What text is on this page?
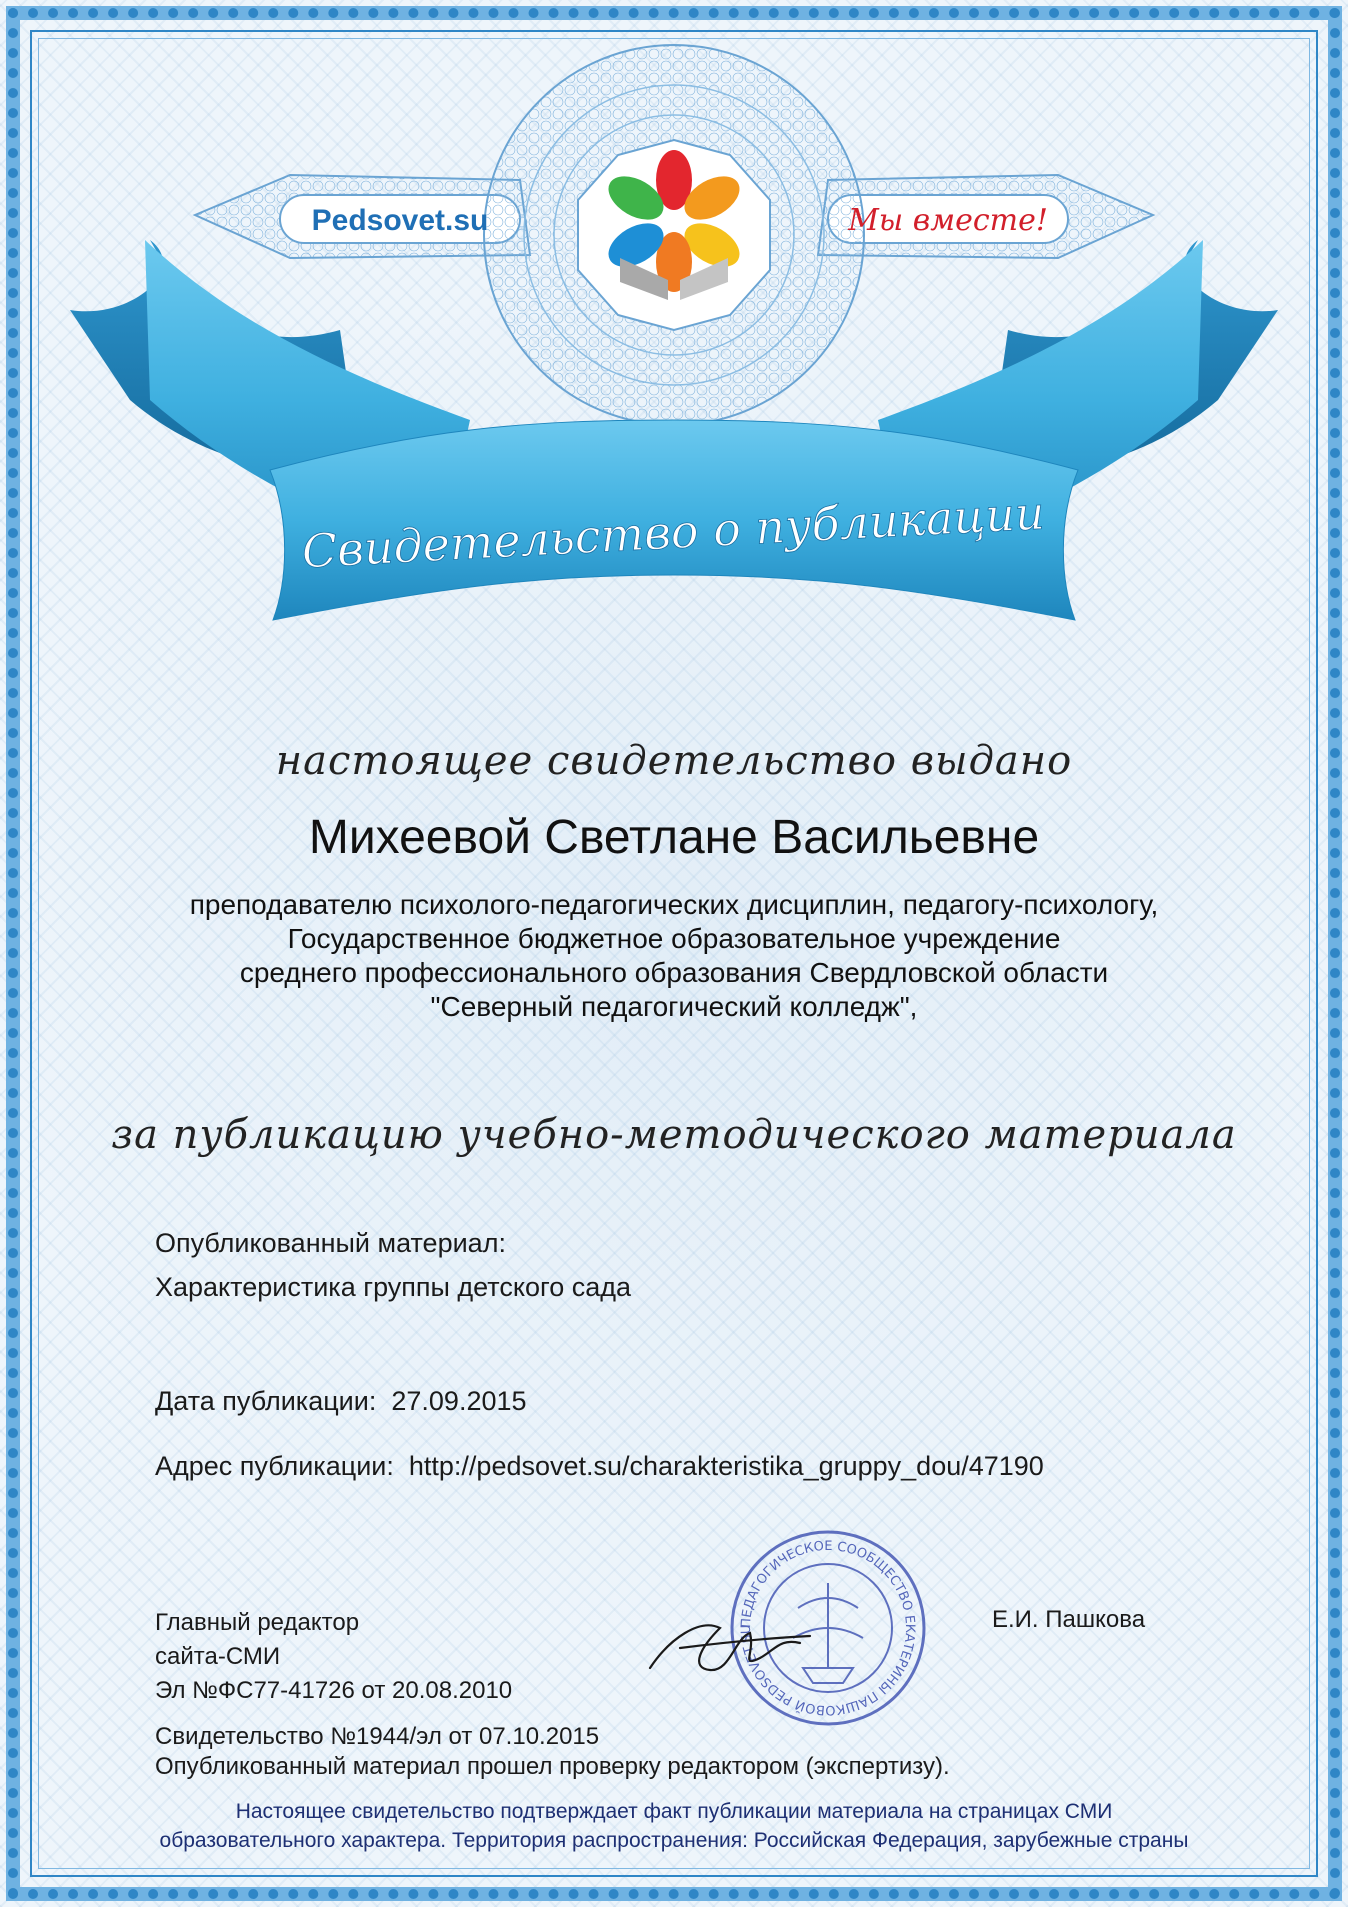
Pedsovet.su	Мы вместе!
Свидетельство о публикации
настоящее свидетельство выдано
Михеевой Светлане Васильевне
преподавателю психолого-педагогических дисциплин, педагогу-психологу,
Государственное бюджетное образовательное учреждение
среднего профессионального образования Свердловской области
"Северный педагогический колледж",
за публикацию учебно-методического материала
Опубликованный материал:
Характеристика группы детского сада
Дата публикации: 27.09.2015
Адрес публикации: http://pedsovet.su/charakteristika_gruppy_dou/47190
Главный редактор
сайта-СМИ
Эл №ФС77-41726 от 20.08.2010
ПЕДАГОГИЧЕСКОЕ СООБЩЕСТВО ЕКАТЕРИНЫ ПАШКОВОЙ PEDSOVET.SU	Е.И. Пашкова
Свидетельство №1944/эл от 07.10.2015
Опубликованный материал прошел проверку редактором (экспертизу).
Настоящее свидетельство подтверждает факт публикации материала на страницах СМИ
образовательного характера. Территория распространения: Российская Федерация, зарубежные страны
